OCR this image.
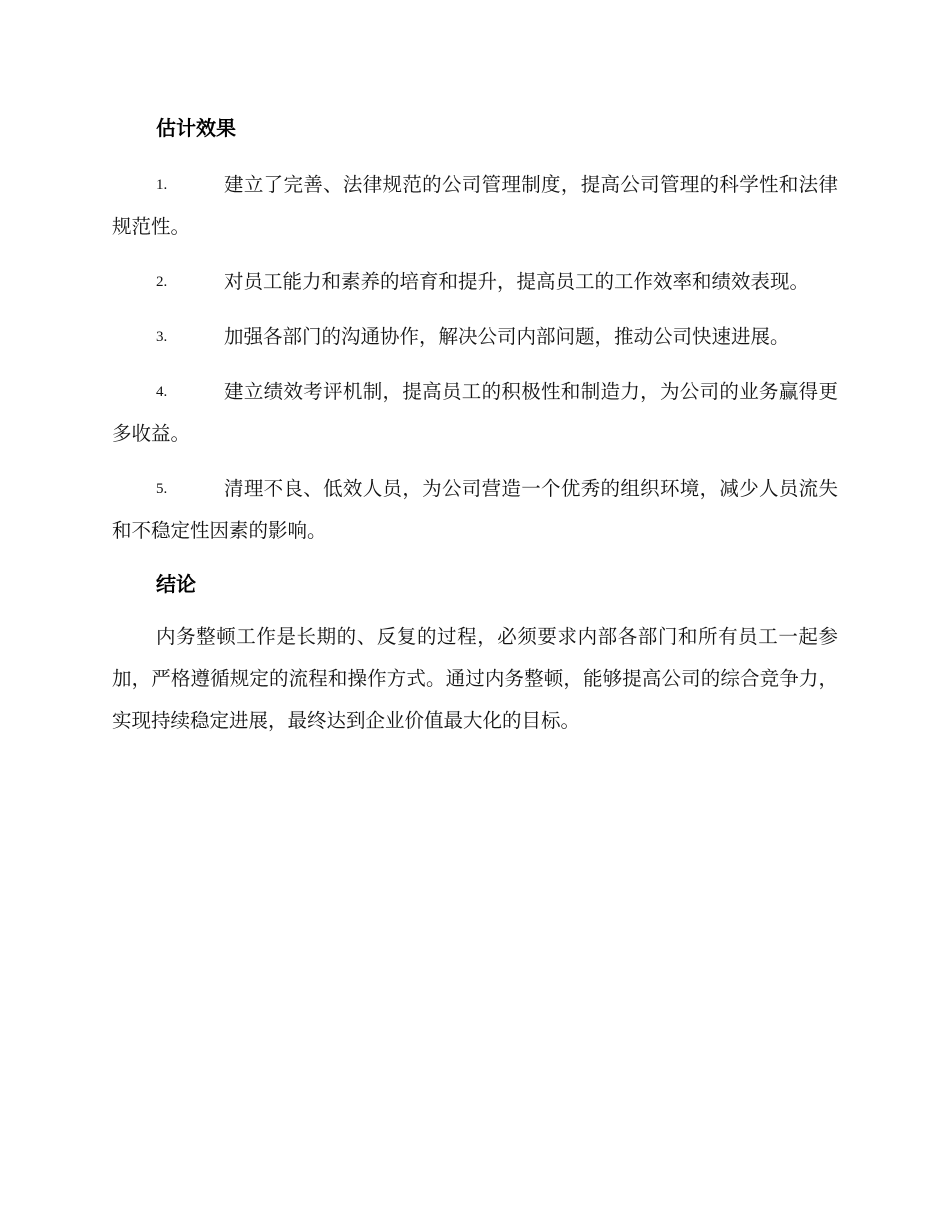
估计效果
1.	建立了完善、法律规范的公司管理制度，提高公司管理的科学性和法律规范性。
2.	对员工能力和素养的培育和提升，提高员工的工作效率和绩效表现。
3.	加强各部门的沟通协作，解决公司内部问题，推动公司快速进展。
4.	建立绩效考评机制，提高员工的积极性和制造力，为公司的业务赢得更多收益。
5.	清理不良、低效人员，为公司营造一个优秀的组织环境，减少人员流失和不稳定性因素的影响。
结论

内务整顿工作是长期的、反复的过程，必须要求内部各部门和所有员工一起参加，严格遵循规定的流程和操作方式。通过内务整顿，能够提高公司的综合竞争力，实现持续稳定进展，最终达到企业价值最大化的目标。
